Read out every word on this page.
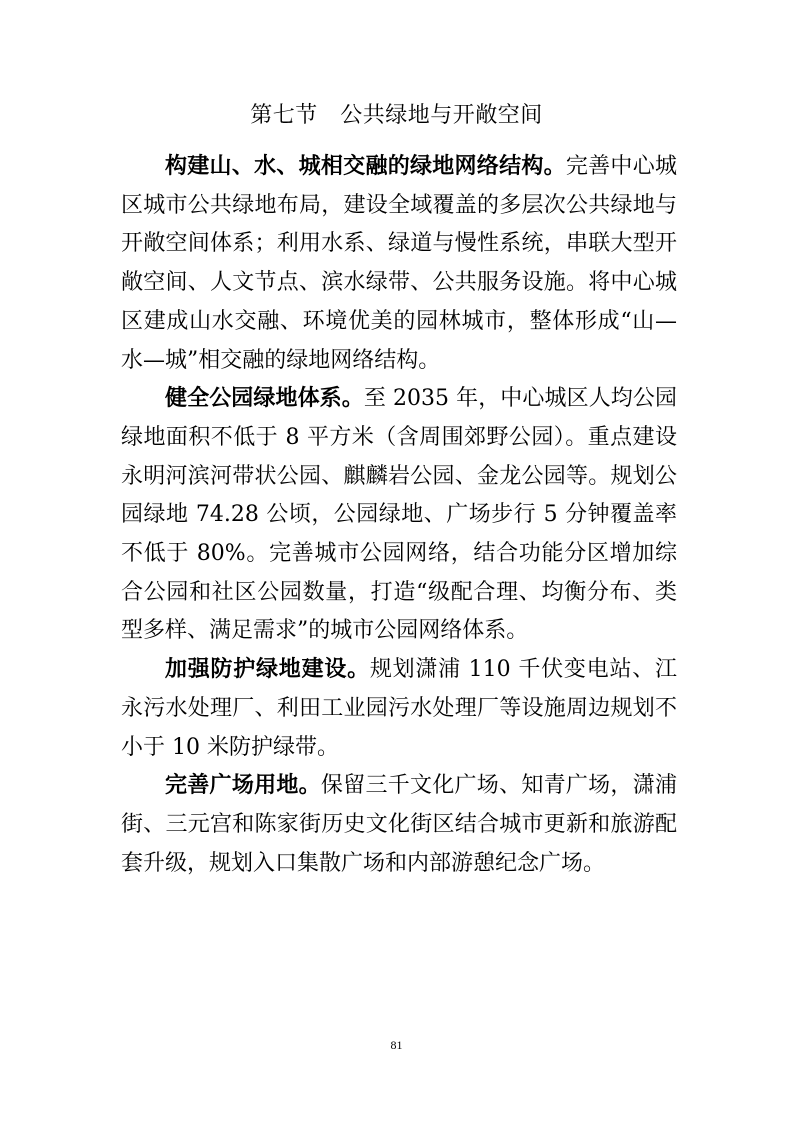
第七节　公共绿地与开敞空间

构建山、水、城相交融的绿地网络结构。完善中心城区城市公共绿地布局，建设全域覆盖的多层次公共绿地与开敞空间体系；利用水系、绿道与慢性系统，串联大型开敞空间、人文节点、滨水绿带、公共服务设施。将中心城区建成山水交融、环境优美的园林城市，整体形成“山—水—城”相交融的绿地网络结构。

健全公园绿地体系。至 2035 年，中心城区人均公园绿地面积不低于 8 平方米（含周围郊野公园）。重点建设永明河滨河带状公园、麒麟岩公园、金龙公园等。规划公园绿地 74.28 公顷，公园绿地、广场步行 5 分钟覆盖率不低于 80%。完善城市公园网络，结合功能分区增加综合公园和社区公园数量，打造“级配合理、均衡分布、类型多样、满足需求”的城市公园网络体系。

加强防护绿地建设。规划潇浦 110 千伏变电站、江永污水处理厂、利田工业园污水处理厂等设施周边规划不小于 10 米防护绿带。

完善广场用地。保留三千文化广场、知青广场，潇浦街、三元宫和陈家街历史文化街区结合城市更新和旅游配套升级，规划入口集散广场和内部游憩纪念广场。

81
